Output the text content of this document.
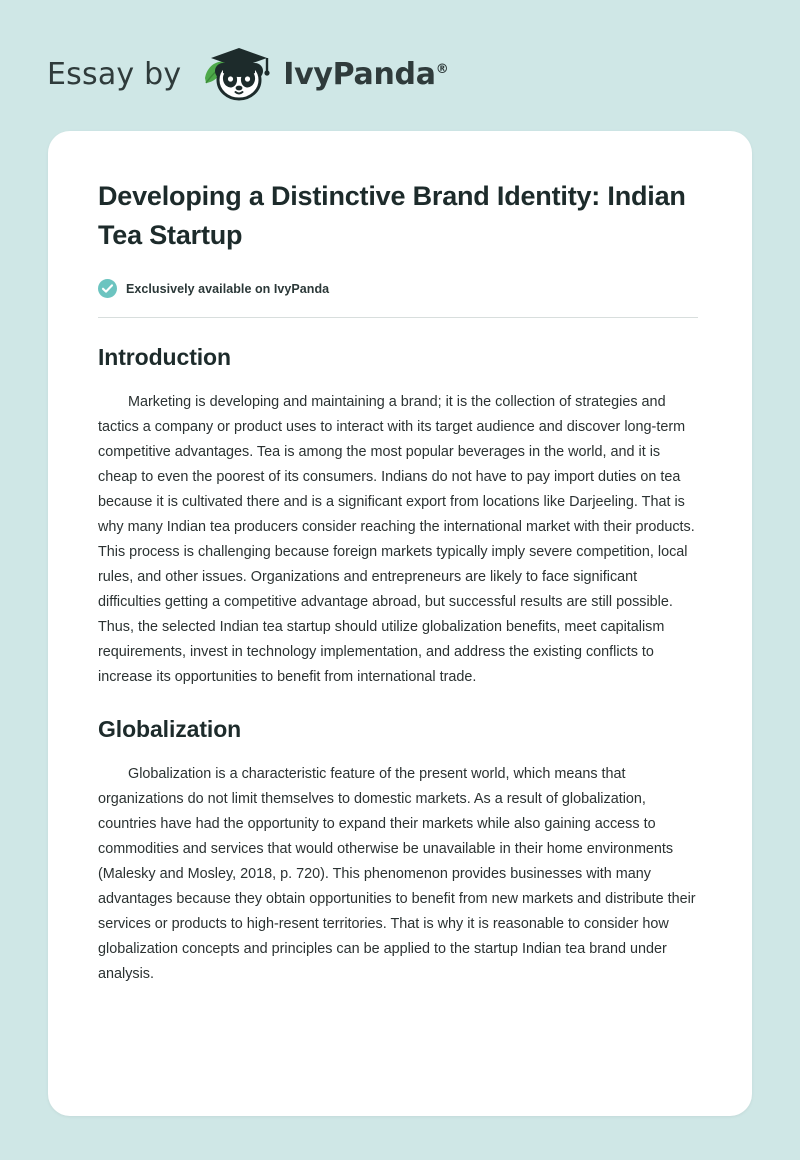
Essay by	IvyPanda®
Developing a Distinctive Brand Identity: Indian Tea Startup
Exclusively available on IvyPanda
Introduction

Marketing is developing and maintaining a brand; it is the collection of strategies and tactics a company or product uses to interact with its target audience and discover long-term competitive advantages. Tea is among the most popular beverages in the world, and it is cheap to even the poorest of its consumers. Indians do not have to pay import duties on tea because it is cultivated there and is a significant export from locations like Darjeeling. That is why many Indian tea producers consider reaching the international market with their products. This process is challenging because foreign markets typically imply severe competition, local rules, and other issues. Organizations and entrepreneurs are likely to face significant difficulties getting a competitive advantage abroad, but successful results are still possible. Thus, the selected Indian tea startup should utilize globalization benefits, meet capitalism requirements, invest in technology implementation, and address the existing conflicts to increase its opportunities to benefit from international trade.

Globalization

Globalization is a characteristic feature of the present world, which means that organizations do not limit themselves to domestic markets. As a result of globalization, countries have had the opportunity to expand their markets while also gaining access to commodities and services that would otherwise be unavailable in their home environments (Malesky and Mosley, 2018, p. 720). This phenomenon provides businesses with many advantages because they obtain opportunities to benefit from new markets and distribute their services or products to high-resent territories. That is why it is reasonable to consider how globalization concepts and principles can be applied to the startup Indian tea brand under analysis.
